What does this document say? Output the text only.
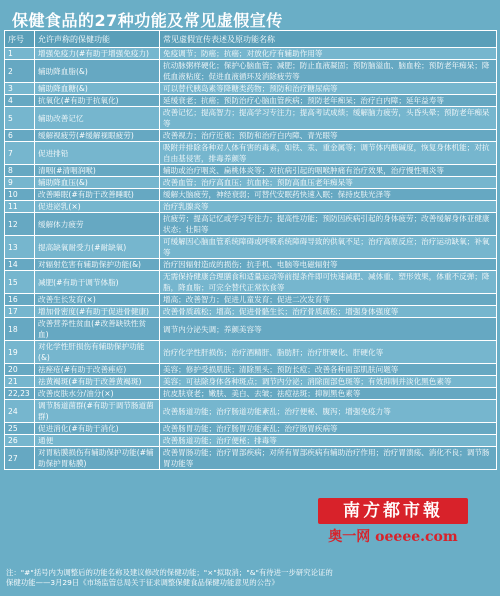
保健食品的27种功能及常见虚假宣传
序号	允许声称的保健功能	常见虚假宣传表述及原功能名称
1	增强免疫力(#有助于增强免疫力)	免疫调节；防癌；抗癌；对放化疗有辅助作用等
2	辅助降血脂(&)	抗动脉粥样硬化；保护心脑血管；减肥；防止血液凝固；预防脑溢血、脑血栓；预防老年痴呆；降低血液粘度；促进血液循环及消除疲劳等
3	辅助降血糖(&)	可以替代胰岛素等降糖类药物；预防和治疗糖尿病等
4	抗氧化(#有助于抗氧化)	延缓衰老；抗癌；预防治疗心脑血管疾病；预防老年痴呆；治疗白内障；延年益寿等
5	辅助改善记忆	改善记忆；提高智力；提高学习专注力；提高考试成绩；缓解脑力疲劳，头昏头晕；预防老年痴呆等
6	缓解视疲劳(#缓解视眼疲劳)	改善视力；治疗近视；预防和治疗白内障、青光眼等
7	促进排铅	吸附并排除各种对人体有害的毒素，如铁、汞、重金属等；调节体内酸碱度，恢复身体机能；对抗自由基侵害，排毒养颜等
8	清咽(#清咽润喉)	辅助或治疗咽炎、扁桃体炎等；对抗病引起的咽喉肿痛有治疗效果，治疗慢性咽炎等
9	辅助降血压(&)	改善血管；治疗高血压；抗血栓；预防高血压老年痴呆等
10	改善睡眠(#有助于改善睡眠)	缓解大脑疲劳，神经衰弱；可替代安眠药快速入眠；保持皮肤光泽等
11	促进泌乳(×)	治疗乳腺炎等
12	缓解体力疲劳	抗疲劳；提高记忆或学习专注力；提高性功能；预防因疾病引起的身体疲劳；改善缓解身体亚健康状态；壮阳等
13	提高缺氧耐受力(#耐缺氧)	可缓解因心脑血管系统障碍或呼吸系统障碍导致的供氧不足；治疗高原反应；治疗运动缺氧；补氧等
14	对辐射危害有辅助保护功能(&)	治疗因辐射造成的损伤；抗手机、电脑等电磁辐射等
15	减肥(#有助于调节体脂)	无需保持健康合理膳食和适量运动等前提条件即可快速减肥、减体重、塑形效果，体重不反弹；降脂，降血脂；可完全替代正常饮食等
16	改善生长发育(×)	增高；改善智力；促进儿童发育；促进二次发育等
17	增加骨密度(#有助于促进骨健康)	改善骨质疏松；增高；促进骨骼生长；治疗骨质疏松；增强身体强度等
18	改善营养性贫血(#改善缺铁性贫血)	调节内分泌失调；养颜美容等
19	对化学性肝损伤有辅助保护功能(&)	治疗化学性肝损伤；治疗酒精肝、脂肪肝；治疗肝硬化、肝硬化等
20	祛痤疮(#有助于改善痤疮)	美容；修护受损肌肤；清除黑头；预防长痘；改善各种面部肌肤问题等
21	祛黄褐斑(#有助于改善黄褐斑)	美容；可祛除身体各种斑点；调节内分泌；消除面部色斑等；有效抑制并淡化黑色素等
22,23	改善皮肤水分/油分(×)	抗皮肤衰老；嫩肤、美白、去皱；祛痘祛斑；抑制黑色素等
24	调节肠道菌群(#有助于调节肠道菌群)	改善肠道功能；治疗肠道功能紊乱；治疗便秘、腹泻；增强免疫力等
25	促进消化(#有助于消化)	改善肠胃功能；治疗肠胃功能紊乱；治疗肠胃疾病等
26	通便	改善肠道功能；治疗便秘；排毒等
27	对胃粘膜损伤有辅助保护功能(#辅助保护胃粘膜)	改善胃肠功能；治疗胃部疾病；对所有胃部疾病有辅助治疗作用；治疗胃溃疡、消化不良；调节肠胃功能等
注："#"括号内为调整后的功能名称及建议修改的保健功能；"×"拟取消；"&"有待进一步研究论证的保健功能——3月29日《市场监管总局关于征求调整保健食品保健功能意见的公告》
南方都市報
奥一网 oeeee.com
